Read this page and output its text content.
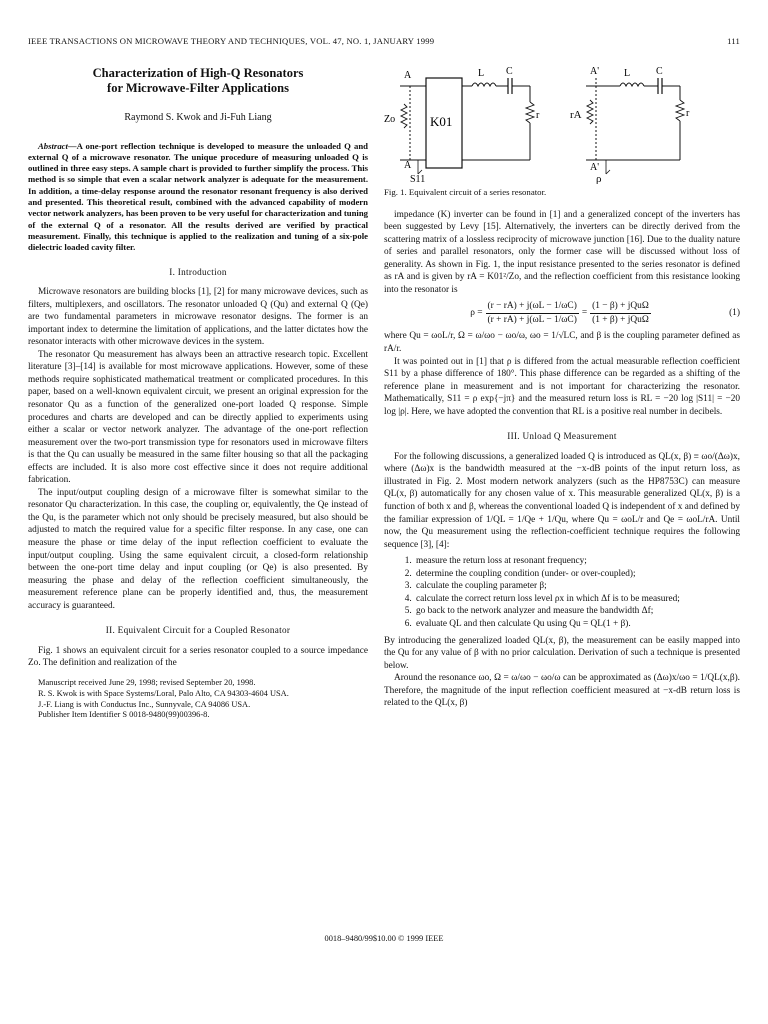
IEEE TRANSACTIONS ON MICROWAVE THEORY AND TECHNIQUES, VOL. 47, NO. 1, JANUARY 1999	111
Characterization of High-Q Resonators
for Microwave-Filter Applications
Raymond S. Kwok and Ji-Fuh Liang
Abstract—A one-port reflection technique is developed to measure the unloaded Q and external Q of a microwave resonator. The unique procedure of measuring unloaded Q is outlined in three easy steps. A sample chart is provided to further simplify the process. This method is so simple that even a scalar network analyzer is adequate for the measurement. In addition, a time-delay response around the resonator resonant frequency is also derived and presented. This theoretical result, combined with the advanced capability of modern vector network analyzers, has been proven to be very useful for characterization and tuning of the external Q of a resonator. All the results derived are verified by practical measurement. Finally, this technique is applied to the realization and tuning of a six-pole dielectric loaded cavity filter.
I. Introduction

Microwave resonators are building blocks [1], [2] for many microwave devices, such as filters, multiplexers, and oscillators. The resonator unloaded Q (Qu) and external Q (Qe) are two fundamental parameters in microwave resonator designs. The former is an important index to determine the limitation of applications, and the latter dictates how the resonator interacts with other microwave devices in the system.

The resonator Qu measurement has always been an attractive research topic. Excellent literature [3]–[14] is available for most microwave applications. However, some of these methods require sophisticated mathematical treatment or complicated procedures. In this paper, based on a well-known equivalent circuit, we present an original expression for the resonator Qu as a function of the generalized one-port loaded Q response. Simple procedures and charts are developed and can be directly applied to experiments using either a scalar or vector network analyzer. The advantage of the one-port reflection measurement over the two-port transmission type for resonators used in microwave filters is that the Qu can usually be measured in the same filter housing so that all the packaging effects are included. It is also more cost effective since it does not require additional fabrication.

The input/output coupling design of a microwave filter is somewhat similar to the resonator Qu characterization. In this case, the coupling or, equivalently, the Qe instead of the Qu, is the parameter which not only should be precisely measured, but also should be adjusted to match the required value for a specific filter response. In any case, one can measure the phase or time delay of the input reflection coefficient to evaluate the input/output coupling. Using the same equivalent circuit, a closed-form relationship between the one-port time delay and input coupling (or Qe) is also presented. By measuring the phase and delay of the reflection coefficient simultaneously, the measurement reference plane can be properly identified and, thus, the measurement accuracy is guaranteed.

II. Equivalent Circuit for a Coupled Resonator

Fig. 1 shows an equivalent circuit for a series resonator coupled to a source impedance Zo. The definition and realization of the

Manuscript received June 29, 1998; revised September 20, 1998.
R. S. Kwok is with Space Systems/Loral, Palo Alto, CA 94303-4604 USA.
J.-F. Liang is with Conductus Inc., Sunnyvale, CA 94086 USA.
Publisher Item Identifier S 0018-9480(99)00396-8.
A
A
L C
Zo	K01	r
S11
A'
A'
L	C
rA	r
ρ
Fig. 1. Equivalent circuit of a series resonator.

impedance (K) inverter can be found in [1] and a generalized concept of the inverters has been suggested by Levy [15]. Alternatively, the inverters can be directly derived from the scattering matrix of a lossless reciprocity of microwave junction [16]. Due to the duality nature of series and parallel resonators, only the former case will be discussed without loss of generality. As shown in Fig. 1, the input resistance presented to the series resonator is defined as rA and is given by rA = K01²/Zo, and the reflection coefficient from this resistance looking into the resonator is

$\rho = \frac{(r - rA) + j(\omega L - 1/\omega C)}{(r + rA) + j(\omega L - 1/\omega C)} = \frac{\text{(1 − β) + jQuΩ}}{\text{(1 + β) + jQuΩ}}$	(1)

where Qu = ωoL/r, Ω = ω/ωo − ωo/ω, ωo = 1/√LC, and β is the coupling parameter defined as rA/r.

It was pointed out in [1] that ρ is differed from the actual measurable reflection coefficient S11 by a phase difference of 180°. This phase difference can be regarded as a shifting of the reference plane in measurement and is not important for characterizing the resonator. Mathematically, S11 = ρ exp{−jπ} and the measured return loss is RL = −20 log |S11| = −20 log |ρ|. Here, we have adopted the convention that RL is a positive real number in decibels.

III. Unload Q Measurement

For the following discussions, a generalized loaded Q is introduced as QL(x, β) ≡ ωo/(Δω)x, where (Δω)x is the bandwidth measured at the −x-dB points of the input return loss, as illustrated in Fig. 2. Most modern network analyzers (such as the HP8753C) can measure QL(x, β) automatically for any chosen value of x. This measurable generalized QL(x, β) is a function of both x and β, whereas the conventional loaded Q is independent of x and defined by the familiar expression of 1/QL = 1/Qe + 1/Qu, where Qu = ωoL/r and Qe = ωoL/rA. Until now, the Qu measurement using the reflection-coefficient technique requires the following sequence [3], [4]:

1. measure the return loss at resonant frequency;
2. determine the coupling condition (under- or over-coupled);
3. calculate the coupling parameter β;
4. calculate the correct return loss level ρx in which Δf is to be measured;
5. go back to the network analyzer and measure the bandwidth Δf;
6. evaluate QL and then calculate Qu using Qu = QL(1 + β).

By introducing the generalized loaded QL(x, β), the measurement can be easily mapped into the Qu for any value of β with no prior calculation. Derivation of such a technique is presented below.

Around the resonance ωo, Ω = ω/ωo − ωo/ω can be approximated as (Δω)x/ωo = 1/QL(x,β). Therefore, the magnitude of the input reflection coefficient measured at −x-dB return loss is related to the QL(x, β)

0018–9480/99$10.00 © 1999 IEEE
